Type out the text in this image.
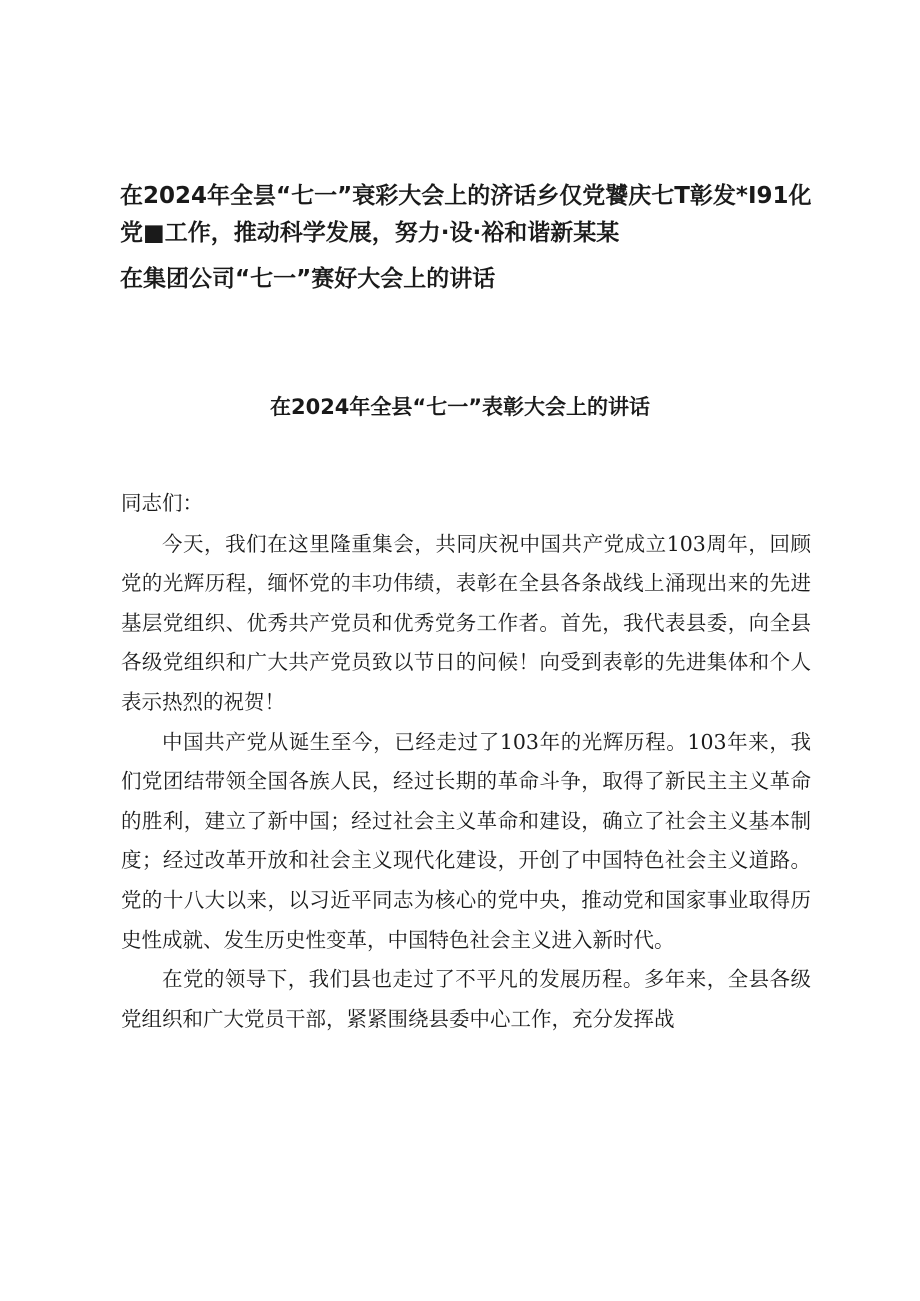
在2024年全昙“七一”衰彩大会上的济话乡仅党饕庆七T彰发*I91化
党■工作，推动科学发展，努力·设·裕和谐新某某
在集团公司“七一”赛好大会上的讲话
在2024年全县“七一”表彰大会上的讲话

同志们：

今天，我们在这里隆重集会，共同庆祝中国共产党成立103周年，回顾党的光辉历程，缅怀党的丰功伟绩，表彰在全县各条战线上涌现出来的先进基层党组织、优秀共产党员和优秀党务工作者。首先，我代表县委，向全县各级党组织和广大共产党员致以节日的问候！向受到表彰的先进集体和个人表示热烈的祝贺！

中国共产党从诞生至今，已经走过了103年的光辉历程。103年来，我们党团结带领全国各族人民，经过长期的革命斗争，取得了新民主主义革命的胜利，建立了新中国；经过社会主义革命和建设，确立了社会主义基本制度；经过改革开放和社会主义现代化建设，开创了中国特色社会主义道路。党的十八大以来，以习近平同志为核心的党中央，推动党和国家事业取得历史性成就、发生历史性变革，中国特色社会主义进入新时代。

在党的领导下，我们县也走过了不平凡的发展历程。多年来，全县各级党组织和广大党员干部，紧紧围绕县委中心工作，充分发挥战
